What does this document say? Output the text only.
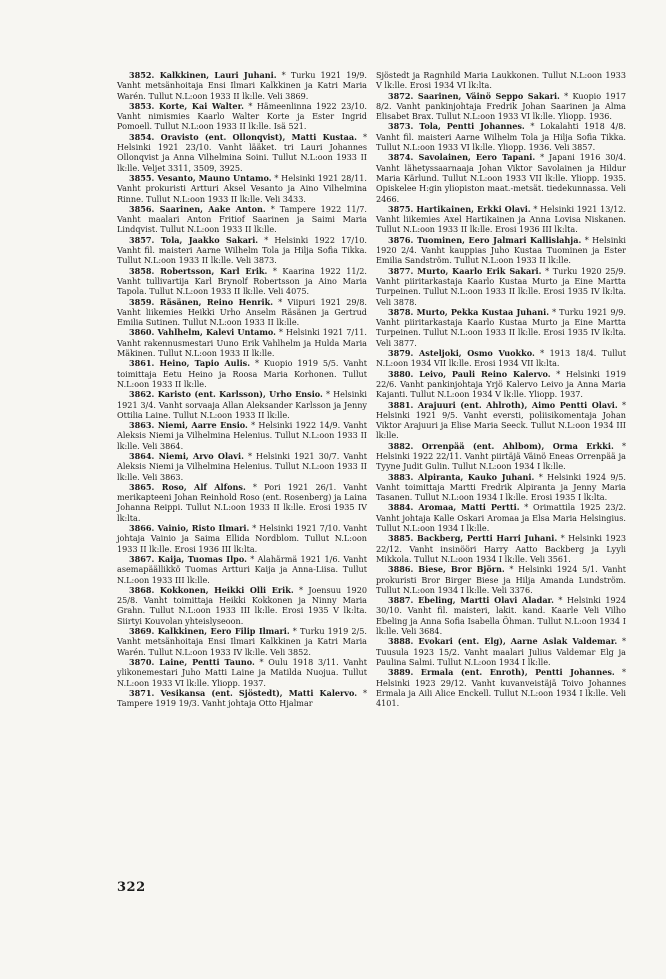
3852. Kalkkinen, Lauri Juhani. * Turku 1921 19/9. Vanht metsänhoitaja Ensi Ilmari Kalkkinen ja Katri Maria Warén. Tullut N.L:oon 1933 II lk:lle. Veli 3869.

3853. Korte, Kai Walter. * Hämeenlinna 1922 23/10. Vanht nimismies Kaarlo Walter Korte ja Ester Ingrid Pomoell. Tullut N.L:oon 1933 II lk:lle. Isä 521.

3854. Oravisto (ent. Ollonqvist), Matti Kustaa. * Helsinki 1921 23/10. Vanht lääket. tri Lauri Johannes Ollonqvist ja Anna Vilhelmina Soini. Tullut N.L:oon 1933 II lk:lle. Veljet 3311, 3509, 3925.

3855. Vesanto, Mauno Untamo. * Helsinki 1921 28/11. Vanht prokuristi Artturi Aksel Vesanto ja Aino Vilhelmina Rinne. Tullut N.L:oon 1933 II lk:lle. Veli 3433.

3856. Saarinen, Aake Anton. * Tampere 1922 11/7. Vanht maalari Anton Fritiof Saarinen ja Saimi Maria Lindqvist. Tullut N.L:oon 1933 II lk:lle.

3857. Tola, Jaakko Sakari. * Helsinki 1922 17/10. Vanht fil. maisteri Aarne Wilhelm Tola ja Hilja Sofia Tikka. Tullut N.L:oon 1933 II lk:lle. Veli 3873.

3858. Robertsson, Karl Erik. * Kaarina 1922 11/2. Vanht tullivartija Karl Brynolf Robertsson ja Aino Maria Tapola. Tullut N.L:oon 1933 II lk:lle. Veli 4075.

3859. Räsänen, Reino Henrik. * Viipuri 1921 29/8. Vanht liikemies Heikki Urho Anselm Räsänen ja Gertrud Emilia Sutinen. Tullut N.L:oon 1933 II lk:lle.

3860. Vahlhelm, Kalevi Untamo. * Helsinki 1921 7/11. Vanht rakennusmestari Uuno Erik Vahlhelm ja Hulda Maria Mäkinen. Tullut N.L:oon 1933 II lk:lle.

3861. Heino, Tapio Aulis. * Kuopio 1919 5/5. Vanht toimittaja Eetu Heino ja Roosa Maria Korhonen. Tullut N.L:oon 1933 II lk:lle.

3862. Karisto (ent. Karlsson), Urho Ensio. * Helsinki 1921 3/4. Vanht sorvaaja Allan Aleksander Karlsson ja Jenny Ottilia Laine. Tullut N.L:oon 1933 II lk:lle.

3863. Niemi, Aarre Ensio. * Helsinki 1922 14/9. Vanht Aleksis Niemi ja Vilhelmina Helenius. Tullut N.L:oon 1933 II lk:lle. Veli 3864.

3864. Niemi, Arvo Olavi. * Helsinki 1921 30/7. Vanht Aleksis Niemi ja Vilhelmina Helenius. Tullut N.L:oon 1933 II lk:lle. Veli 3863.

3865. Roso, Alf Alfons. * Pori 1921 26/1. Vanht merikapteeni Johan Reinhold Roso (ent. Rosenberg) ja Laina Johanna Reippi. Tullut N.L:oon 1933 II lk:lle. Erosi 1935 IV lk:lta.

3866. Vainio, Risto Ilmari. * Helsinki 1921 7/10. Vanht johtaja Vainio ja Saima Ellida Nordblom. Tullut N.L:oon 1933 II lk:lle. Erosi 1936 III lk:lta.

3867. Kaija, Tuomas Ilpo. * Alahärmä 1921 1/6. Vanht asemapäällikkö Tuomas Artturi Kaija ja Anna-Liisa. Tullut N.L:oon 1933 III lk:lle.

3868. Kokkonen, Heikki Olli Erik. * Joensuu 1920 25/8. Vanht toimittaja Heikki Kokkonen ja Ninny Maria Grahn. Tullut N.L:oon 1933 III lk:lle. Erosi 1935 V lk:lta. Siirtyi Kouvolan yhteislyseoon.

3869. Kalkkinen, Eero Filip Ilmari. * Turku 1919 2/5. Vanht metsänhoitaja Ensi Ilmari Kalkkinen ja Katri Maria Warén. Tullut N.L:oon 1933 IV lk:lle. Veli 3852.

3870. Laine, Pentti Tauno. * Oulu 1918 3/11. Vanht ylikonemestari Juho Matti Laine ja Matilda Nuojua. Tullut N.L:oon 1933 VI lk:lle. Yliopp. 1937.

3871. Vesikansa (ent. Sjöstedt), Matti Kalervo. * Tampere 1919 19/3. Vanht johtaja Otto Hjalmar

Sjöstedt ja Ragnhild Maria Laukkonen. Tullut N.L:oon 1933 V lk:lle. Erosi 1934 VI lk:lta.

3872. Saarinen, Väinö Seppo Sakari. * Kuopio 1917 8/2. Vanht pankinjohtaja Fredrik Johan Saarinen ja Alma Elisabet Brax. Tullut N.L:oon 1933 VI lk:lle. Yliopp. 1936.

3873. Tola, Pentti Johannes. * Lokalahti 1918 4/8. Vanht fil. maisteri Aarne Wilhelm Tola ja Hilja Sofia Tikka. Tullut N.L:oon 1933 VI lk:lle. Yliopp. 1936. Veli 3857.

3874. Savolainen, Eero Tapani. * Japani 1916 30/4. Vanht lähetyssaarnaaja Johan Viktor Savolainen ja Hildur Maria Kärlund. Tullut N.L:oon 1933 VII lk:lle. Yliopp. 1935. Opiskelee H:gin yliopiston maat.-metsät. tiedekunnassa. Veli 2466.

3875. Hartikainen, Erkki Olavi. * Helsinki 1921 13/12. Vanht liikemies Axel Hartikainen ja Anna Lovisa Niskanen. Tullut N.L:oon 1933 II lk:lle. Erosi 1936 III lk:lta.

3876. Tuominen, Eero Jalmari Kallislahja. * Helsinki 1920 2/4. Vanht kauppias Juho Kustaa Tuominen ja Ester Emilia Sandström. Tullut N.L:oon 1933 II lk:lle.

3877. Murto, Kaarlo Erik Sakari. * Turku 1920 25/9. Vanht piiritarkastaja Kaarlo Kustaa Murto ja Eine Martta Turpeinen. Tullut N.L:oon 1933 II lk:lle. Erosi 1935 IV lk:lta. Veli 3878.

3878. Murto, Pekka Kustaa Juhani. * Turku 1921 9/9. Vanht piiritarkastaja Kaarlo Kustaa Murto ja Eine Martta Turpeinen. Tullut N.L:oon 1933 II lk:lle. Erosi 1935 IV lk:lta. Veli 3877.

3879. Asteljoki, Osmo Vuokko. * 1913 18/4. Tullut N.L:oon 1934 VII lk:lle. Erosi 1934 VII lk:lta.

3880. Leivo, Pauli Reino Kalervo. * Helsinki 1919 22/6. Vanht pankinjohtaja Yrjö Kalervo Leivo ja Anna Maria Kajanti. Tullut N.L:oon 1934 V lk:lle. Yliopp. 1937.

3881. Arajuuri (ent. Ahlroth), Aimo Pentti Olavi. * Helsinki 1921 9/5. Vanht eversti, poliisikomentaja Johan Viktor Arajuuri ja Elise Maria Seeck. Tullut N.L:oon 1934 III lk:lle.

3882. Orrenpää (ent. Ahlbom), Orma Erkki. * Helsinki 1922 22/11. Vanht piirtäjä Väinö Eneas Orrenpää ja Tyyne Judit Gulin. Tullut N.L:oon 1934 I lk:lle.

3883. Alpiranta, Kauko Juhani. * Helsinki 1924 9/5. Vanht toimittaja Martti Fredrik Alpiranta ja Jenny Maria Tasanen. Tullut N.L:oon 1934 I lk:lle. Erosi 1935 I lk:lta.

3884. Aromaa, Matti Pertti. * Orimattila 1925 23/2. Vanht johtaja Kalle Oskari Aromaa ja Elsa Maria Helsingius. Tullut N.L:oon 1934 I lk:lle.

3885. Backberg, Pertti Harri Juhani. * Helsinki 1923 22/12. Vanht insinööri Harry Aatto Backberg ja Lyyli Mikkola. Tullut N.L:oon 1934 I lk:lle. Veli 3561.

3886. Biese, Bror Björn. * Helsinki 1924 5/1. Vanht prokuristi Bror Birger Biese ja Hilja Amanda Lundström. Tullut N.L:oon 1934 I lk:lle. Veli 3376.

3887. Ebeling, Martti Olavi Aladar. * Helsinki 1924 30/10. Vanht fil. maisteri, lakit. kand. Kaarle Veli Vilho Ebeling ja Anna Sofia Isabella Öhman. Tullut N.L:oon 1934 I lk:lle. Veli 3684.

3888. Evokari (ent. Elg), Aarne Aslak Valdemar. * Tuusula 1923 15/2. Vanht maalari Julius Valdemar Elg ja Paulina Salmi. Tullut N.L:oon 1934 I lk:lle.

3889. Ermala (ent. Enroth), Pentti Johannes. * Helsinki 1923 29/12. Vanht kuvanveistäjä Toivo Johannes Ermala ja Aili Alice Enckell. Tullut N.L:oon 1934 I lk:lle. Veli 4101.

322
